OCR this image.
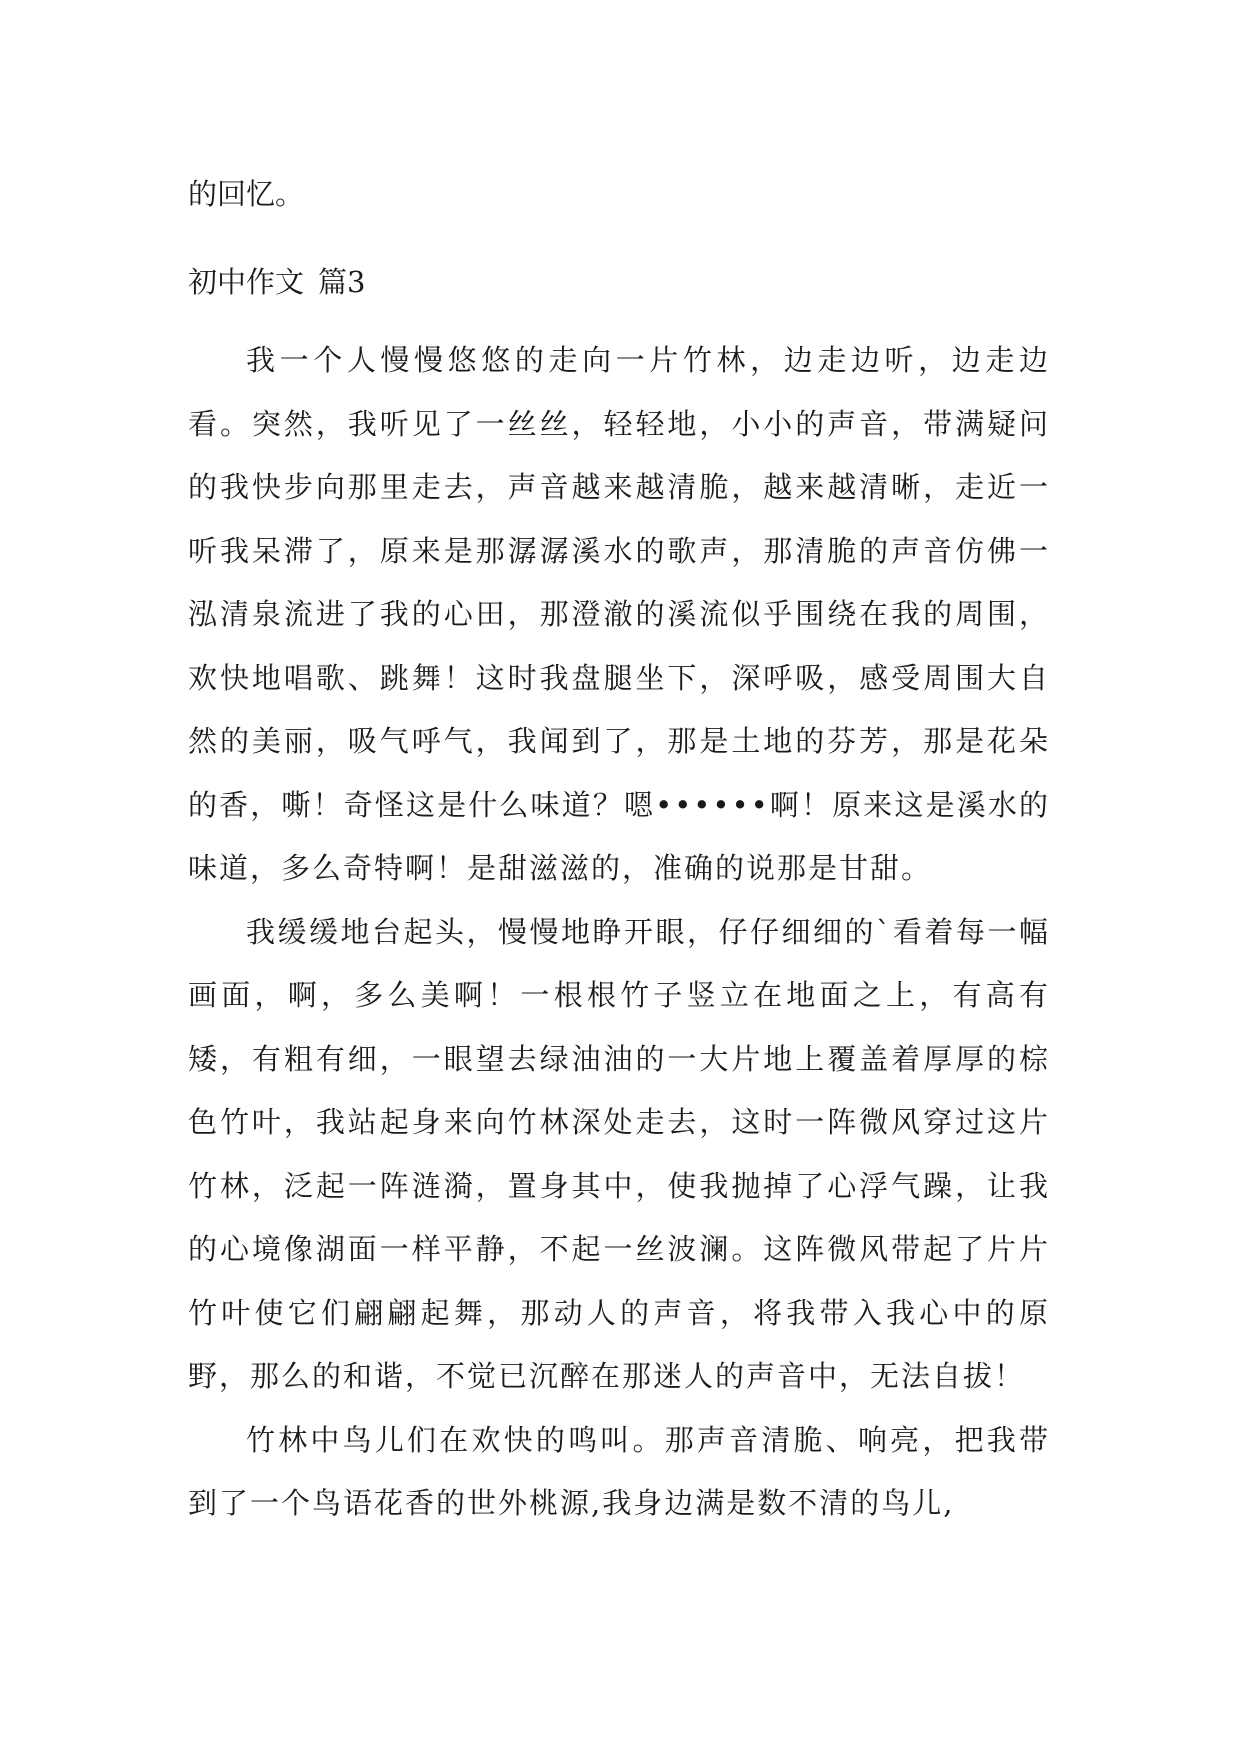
的回忆。
初中作文 篇3

我一个人慢慢悠悠的走向一片竹林，边走边听，边走边看。突然，我听见了一丝丝，轻轻地，小小的声音，带满疑问的我快步向那里走去，声音越来越清脆，越来越清晰，走近一听我呆滞了，原来是那潺潺溪水的歌声，那清脆的声音仿佛一泓清泉流进了我的心田，那澄澈的溪流似乎围绕在我的周围，欢快地唱歌、跳舞！这时我盘腿坐下，深呼吸，感受周围大自然的美丽，吸气呼气，我闻到了，那是土地的芬芳，那是花朵的香，嘶！奇怪这是什么味道？嗯••••••啊！原来这是溪水的味道，多么奇特啊！是甜滋滋的，准确的说那是甘甜。

我缓缓地台起头，慢慢地睁开眼，仔仔细细的`看着每一幅画面，啊，多么美啊！一根根竹子竖立在地面之上，有高有矮，有粗有细，一眼望去绿油油的一大片地上覆盖着厚厚的棕色竹叶，我站起身来向竹林深处走去，这时一阵微风穿过这片竹林，泛起一阵涟漪，置身其中，使我抛掉了心浮气躁，让我的心境像湖面一样平静，不起一丝波澜。这阵微风带起了片片竹叶使它们翩翩起舞，那动人的声音，将我带入我心中的原野，那么的和谐，不觉已沉醉在那迷人的声音中，无法自拔！

竹林中鸟儿们在欢快的鸣叫。那声音清脆、响亮，把我带到了一个鸟语花香的世外桃源,我身边满是数不清的鸟儿,
